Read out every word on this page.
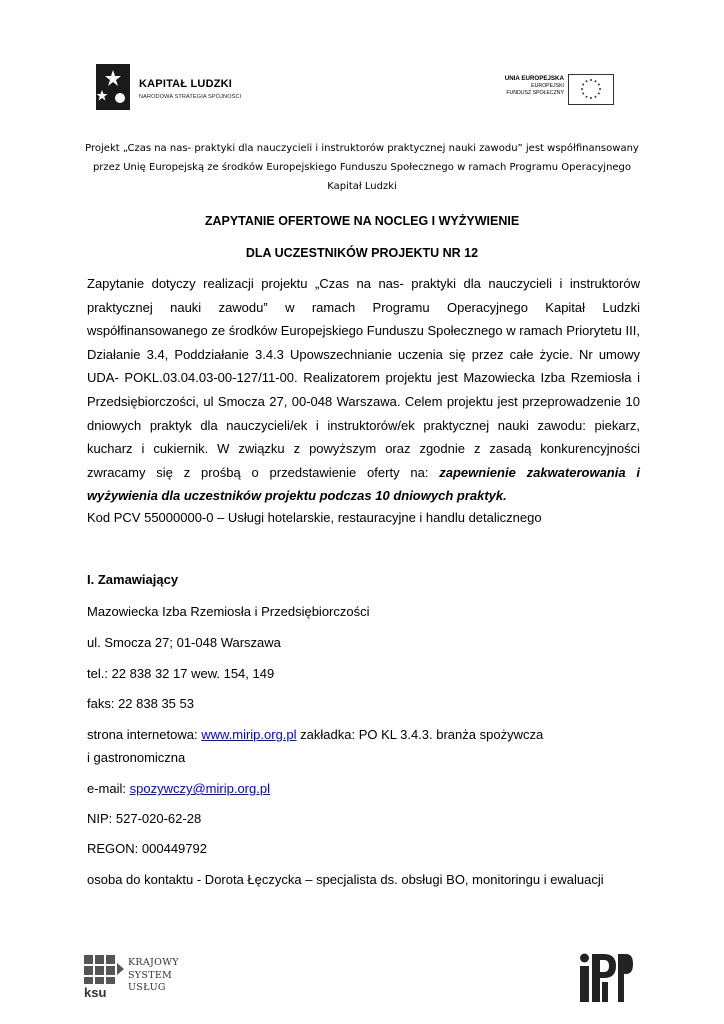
KAPITAŁ LUDZKI
NARODOWA STRATEGIA SPÓJNOŚCI
UNIA EUROPEJSKA
EUROPEJSKI
FUNDUSZ SPOŁECZNY
Projekt „Czas na nas- praktyki dla nauczycieli i instruktorów praktycznej nauki zawodu” jest współfinansowany przez Unię Europejską ze środków Europejskiego Funduszu Społecznego w ramach Programu Operacyjnego Kapitał Ludzki
ZAPYTANIE OFERTOWE NA NOCLEG I WYŻYWIENIE
DLA UCZESTNIKÓW PROJEKTU NR 12
Zapytanie dotyczy realizacji projektu „Czas na nas- praktyki dla nauczycieli i instruktorów praktycznej nauki zawodu” w ramach Programu Operacyjnego Kapitał Ludzki współfinansowanego ze środków Europejskiego Funduszu Społecznego w ramach Priorytetu III, Działanie 3.4, Poddziałanie 3.4.3 Upowszechnianie uczenia się przez całe życie. Nr umowy UDA- POKL.03.04.03-00-127/11-00. Realizatorem projektu jest Mazowiecka Izba Rzemiosła i Przedsiębiorczości, ul Smocza 27, 00-048 Warszawa. Celem projektu jest przeprowadzenie 10 dniowych praktyk dla nauczycieli/ek i instruktorów/ek praktycznej nauki zawodu: piekarz, kucharz i cukiernik. W związku z powyższym oraz zgodnie z zasadą konkurencyjności zwracamy się z prośbą o przedstawienie oferty na: zapewnienie zakwaterowania i wyżywienia dla uczestników projektu podczas 10 dniowych praktyk.
Kod PCV 55000000-0 – Usługi hotelarskie, restauracyjne i handlu detalicznego
I. Zamawiający
Mazowiecka Izba Rzemiosła i Przedsiębiorczości
ul. Smocza 27; 01-048 Warszawa
tel.: 22 838 32 17 wew. 154, 149
faks: 22 838 35 53
strona internetowa: www.mirip.org.pl zakładka: PO KL 3.4.3. branża spożywcza
i gastronomiczna
e-mail: spozywczy@mirip.org.pl
NIP: 527-020-62-28
REGON: 000449792
osoba do kontaktu - Dorota Łęczycka – specjalista ds. obsługi BO, monitoringu i ewaluacji
KRAJOWY
SYSTEM
USŁUG
ksu
